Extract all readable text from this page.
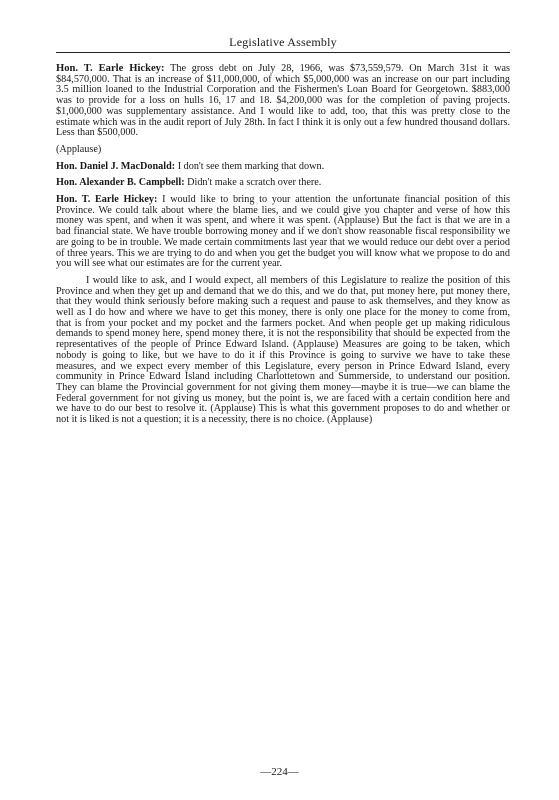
Legislative Assembly

Hon. T. Earle Hickey: The gross debt on July 28, 1966, was $73,559,579. On March 31st it was $84,570,000. That is an increase of $11,000,000, of which $5,000,000 was an increase on our part including 3.5 million loaned to the Industrial Corporation and the Fishermen's Loan Board for Georgetown. $883,000 was to provide for a loss on hulls 16, 17 and 18. $4,200,000 was for the completion of paving projects. $1,000,000 was supplementary assistance. And I would like to add, too, that this was pretty close to the estimate which was in the audit report of July 28th. In fact I think it is only out a few hundred thousand dollars. Less than $500,000.

(Applause)

Hon. Daniel J. MacDonald: I don't see them marking that down.

Hon. Alexander B. Campbell: Didn't make a scratch over there.

Hon. T. Earle Hickey: I would like to bring to your attention the unfortunate financial position of this Province. We could talk about where the blame lies, and we could give you chapter and verse of how this money was spent, and when it was spent, and where it was spent. (Applause) But the fact is that we are in a bad financial state. We have trouble borrowing money and if we don't show reasonable fiscal responsibility we are going to be in trouble. We made certain commitments last year that we would reduce our debt over a period of three years. This we are trying to do and when you get the budget you will know what we propose to do and you will see what our estimates are for the current year.

I would like to ask, and I would expect, all members of this Legislature to realize the position of this Province and when they get up and demand that we do this, and we do that, put money here, put money there, that they would think seriously before making such a request and pause to ask themselves, and they know as well as I do how and where we have to get this money, there is only one place for the money to come from, that is from your pocket and my pocket and the farmers pocket. And when people get up making ridiculous demands to spend money here, spend money there, it is not the responsibility that should be expected from the representatives of the people of Prince Edward Island. (Applause) Measures are going to be taken, which nobody is going to like, but we have to do it if this Province is going to survive we have to take these measures, and we expect every member of this Legislature, every person in Prince Edward Island, every community in Prince Edward Island including Charlottetown and Summerside, to understand our position. They can blame the Provincial government for not giving them money—maybe it is true—we can blame the Federal government for not giving us money, but the point is, we are faced with a certain condition here and we have to do our best to resolve it. (Applause) This is what this government proposes to do and whether or not it is liked is not a question; it is a necessity, there is no choice. (Applause)

—224—
